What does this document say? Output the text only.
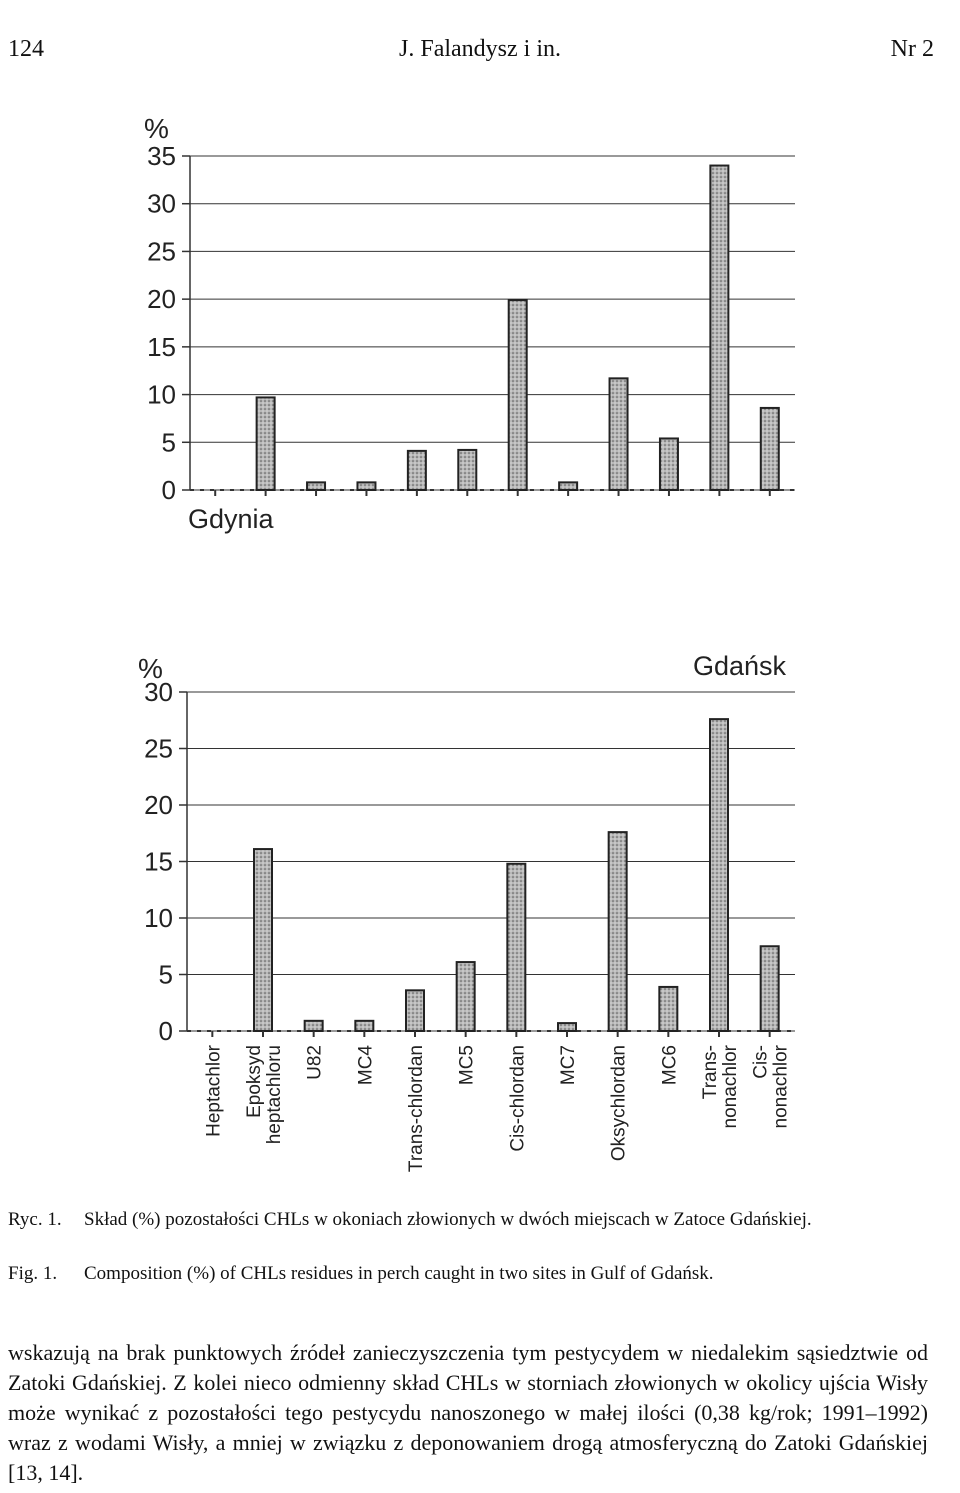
124	J. Falandysz i in.	Nr 2
%
0
5
10
15
20
25
30
35
Gdynia
%
0
5
10
15
20
25
30
Gdańsk
Heptachlor Epoksyd heptachloru U82 MC4 Trans-chlordan MC5 Cis-chlordan MC7 Oksychlordan MC6 Trans- nonachlor Cis- nonachlor
Ryc. 1.	Skład (%) pozostałości CHLs w okoniach złowionych w dwóch miejscach w Zatoce Gdańskiej.
Fig. 1.	Composition (%) of CHLs residues in perch caught in two sites in Gulf of Gdańsk.

wskazują na brak punktowych źródeł zanieczyszczenia tym pestycydem w niedalekim sąsiedztwie od Zatoki Gdańskiej. Z kolei nieco odmienny skład CHLs w storniach złowionych w okolicy ujścia Wisły może wynikać z pozostałości tego pestycydu nanoszonego w małej ilości (0,38 kg/rok; 1991–1992) wraz z wodami Wisły, a mniej w związku z deponowaniem drogą atmosferyczną do Zatoki Gdańskiej [13, 14].
